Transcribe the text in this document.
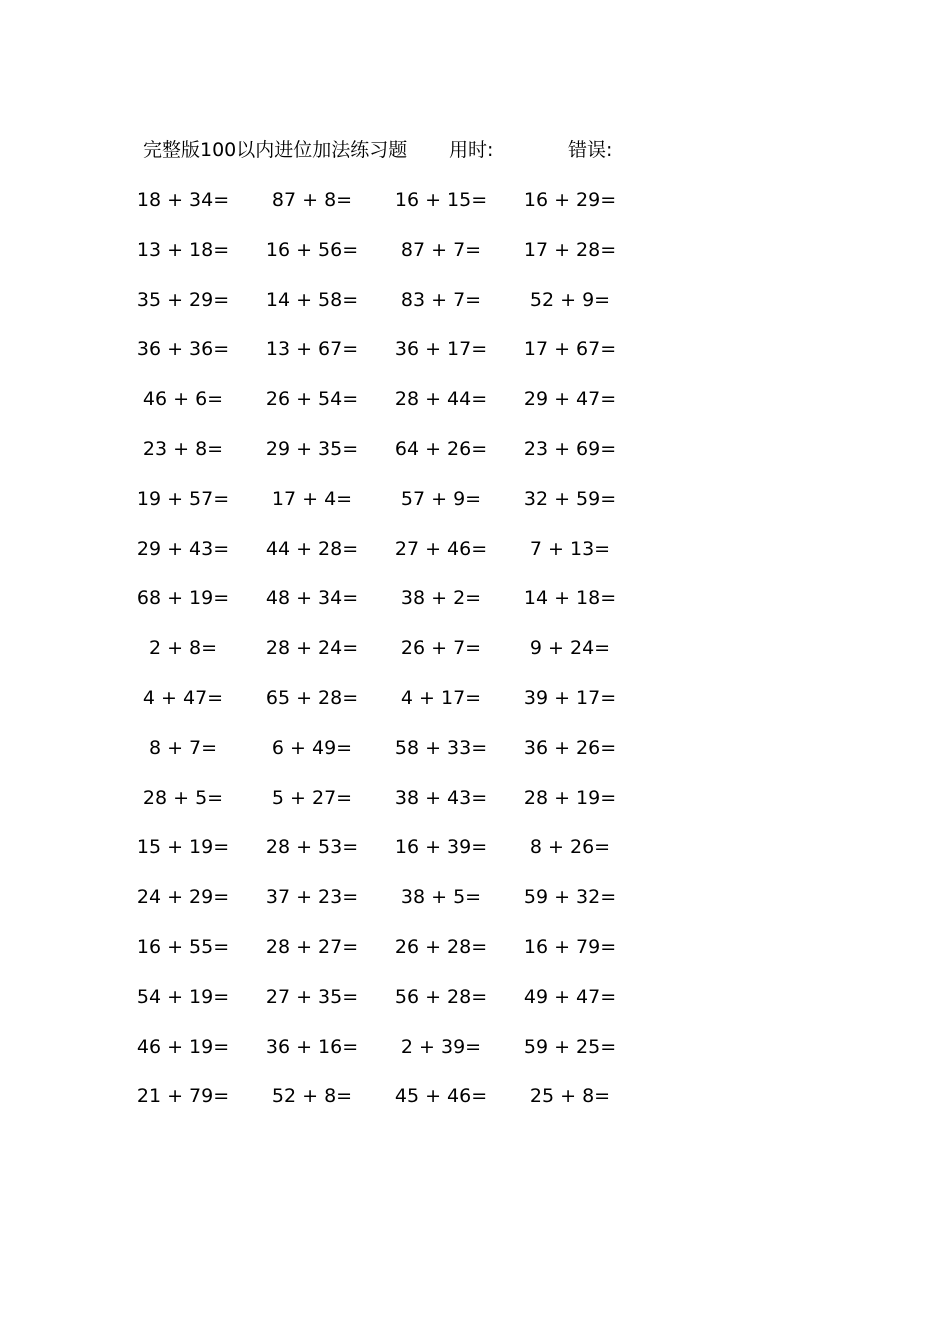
完整版100以内进位加法练习题 用时:	错误:
18 + 34=	87 + 8=	16 + 15=	16 + 29=
13 + 18=	16 + 56=	87 + 7=	17 + 28=
35 + 29=	14 + 58=	83 + 7=	52 + 9=
36 + 36=	13 + 67=	36 + 17=	17 + 67=
46 + 6=	26 + 54=	28 + 44=	29 + 47=
23 + 8=	29 + 35=	64 + 26=	23 + 69=
19 + 57=	17 + 4=	57 + 9=	32 + 59=
29 + 43=	44 + 28=	27 + 46=	7 + 13=
68 + 19=	48 + 34=	38 + 2=	14 + 18=
2 + 8=	28 + 24=	26 + 7=	9 + 24=
4 + 47=	65 + 28=	4 + 17=	39 + 17=
8 + 7=	6 + 49=	58 + 33=	36 + 26=
28 + 5=	5 + 27=	38 + 43=	28 + 19=
15 + 19=	28 + 53=	16 + 39=	8 + 26=
24 + 29=	37 + 23=	38 + 5=	59 + 32=
16 + 55=	28 + 27=	26 + 28=	16 + 79=
54 + 19=	27 + 35=	56 + 28=	49 + 47=
46 + 19=	36 + 16=	2 + 39=	59 + 25=
21 + 79=	52 + 8=	45 + 46=	25 + 8=
